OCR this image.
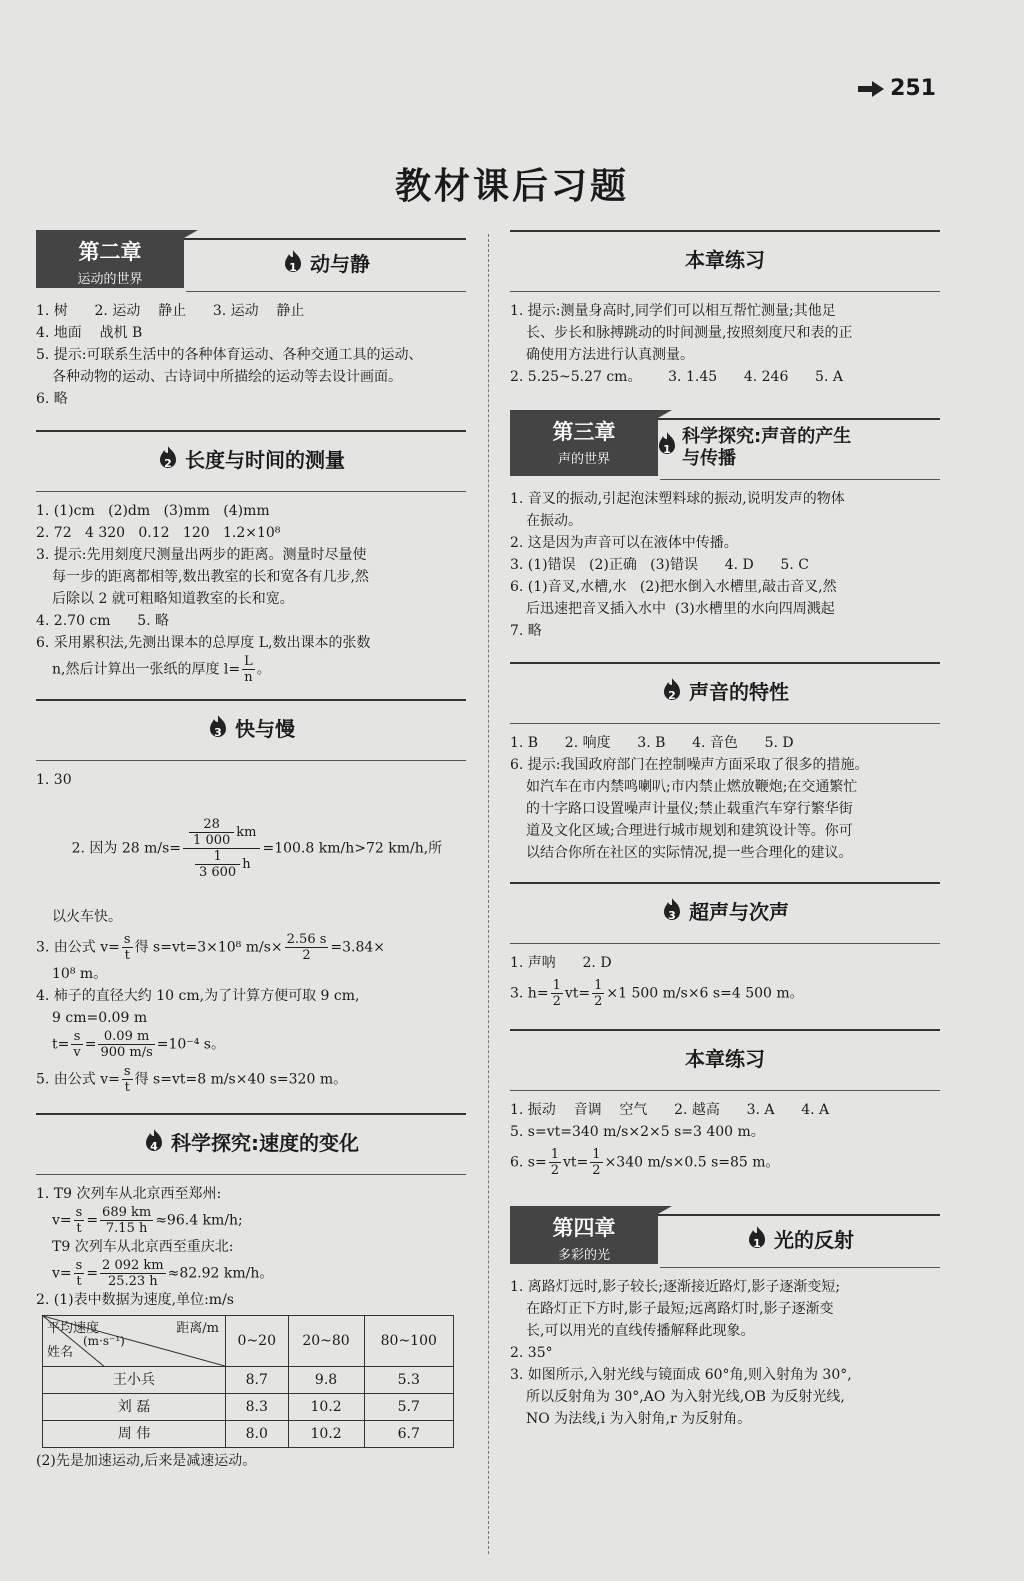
251
教材课后习题
第二章
运动的世界
1 动与静
1. 树      2. 运动    静止      3. 运动    静止
4. 地面    战机 B
5. 提示:可联系生活中的各种体育运动、各种交通工具的运动、
各种动物的运动、古诗词中所描绘的运动等去设计画面。
6. 略
2 长度与时间的测量
1. (1)cm   (2)dm   (3)mm   (4)mm
2. 72   4 320   0.12   120   1.2×10⁸
3. 提示:先用刻度尺测量出两步的距离。测量时尽量使
每一步的距离都相等,数出教室的长和宽各有几步,然
后除以 2 就可粗略知道教室的长和宽。
4. 2.70 cm      5. 略
6. 采用累积法,先测出课本的总厚度 L,数出课本的张数
n,然后计算出一张纸的厚度 $l= \frac{L}{n}$ 。
3 快与慢
1. 30

2. 因为 28 $m/s= \frac{\frac{28}{1 000} km}{\frac{1}{3 600} h} =100.8$ km/h>72 km/h,所

以火车快。
3. 由公式 $v= \frac{s}{t}$ 得 s=vt=3×10⁸ $m/s\times \frac{2.56 s}{2} =3.84\times$
10⁸ m。
4. 柿子的直径大约 10 cm,为了计算方便可取 9 cm,
9 cm=0.09 m
$t= \frac{s}{v} = \frac{0.09 m}{900 m/s} =10^{-4}$ s。
5. 由公式 $v= \frac{s}{t}$ 得 s=vt=8 m/s×40 s=320 m。
4 科学探究:速度的变化
1. T9 次列车从北京西至郑州:
$v= \frac{s}{t} = \frac{689 km}{7.15 h} \approx 96.4$ km/h;
T9 次列车从北京西至重庆北:
$v= \frac{s}{t} = \frac{2 092 km}{25.23 h} \approx 82.92$ km/h。
2. (1)表中数据为速度,单位:m/s
距离/m
平均速度
(m·s⁻¹)
姓名	0~20	20~80	80~100
王小兵	8.7	9.8	5.3
刘 磊	8.3	10.2	5.7
周 伟	8.0	10.2	6.7
(2)先是加速运动,后来是减速运动。
本章练习
1. 提示:测量身高时,同学们可以相互帮忙测量;其他足
长、步长和脉搏跳动的时间测量,按照刻度尺和表的正
确使用方法进行认真测量。
2. 5.25~5.27 cm。      3. 1.45      4. 246      5. A
第三章
声的世界
1
科学探究:声音的产生
与传播
1. 音叉的振动,引起泡沫塑料球的振动,说明发声的物体
在振动。
2. 这是因为声音可以在液体中传播。
3. (1)错误   (2)正确   (3)错误      4. D      5. C
6. (1)音叉,水槽,水   (2)把水倒入水槽里,敲击音叉,然
后迅速把音叉插入水中  (3)水槽里的水向四周溅起
7. 略
2 声音的特性
1. B      2. 响度      3. B      4. 音色      5. D
6. 提示:我国政府部门在控制噪声方面采取了很多的措施。
如汽车在市内禁鸣喇叭;市内禁止燃放鞭炮;在交通繁忙
的十字路口设置噪声计量仪;禁止载重汽车穿行繁华街
道及文化区域;合理进行城市规划和建筑设计等。你可
以结合你所在社区的实际情况,提一些合理化的建议。
3 超声与次声
1. 声呐      2. D
3. $h= \frac{1}{2} vt= \frac{1}{2} \times 1$ 500 m/s×6 s=4 500 m。
本章练习
1. 振动    音调    空气      2. 越高      3. A      4. A
5. s=vt=340 m/s×2×5 s=3 400 m。
6. $s= \frac{1}{2} vt= \frac{1}{2} \times 340$ m/s×0.5 s=85 m。
第四章
多彩的光
1 光的反射
1. 离路灯远时,影子较长;逐渐接近路灯,影子逐渐变短;
在路灯正下方时,影子最短;远离路灯时,影子逐渐变
长,可以用光的直线传播解释此现象。
2. 35°
3. 如图所示,入射光线与镜面成 60°角,则入射角为 30°,
所以反射角为 30°,AO 为入射光线,OB 为反射光线,
NO 为法线,i 为入射角,r 为反射角。
